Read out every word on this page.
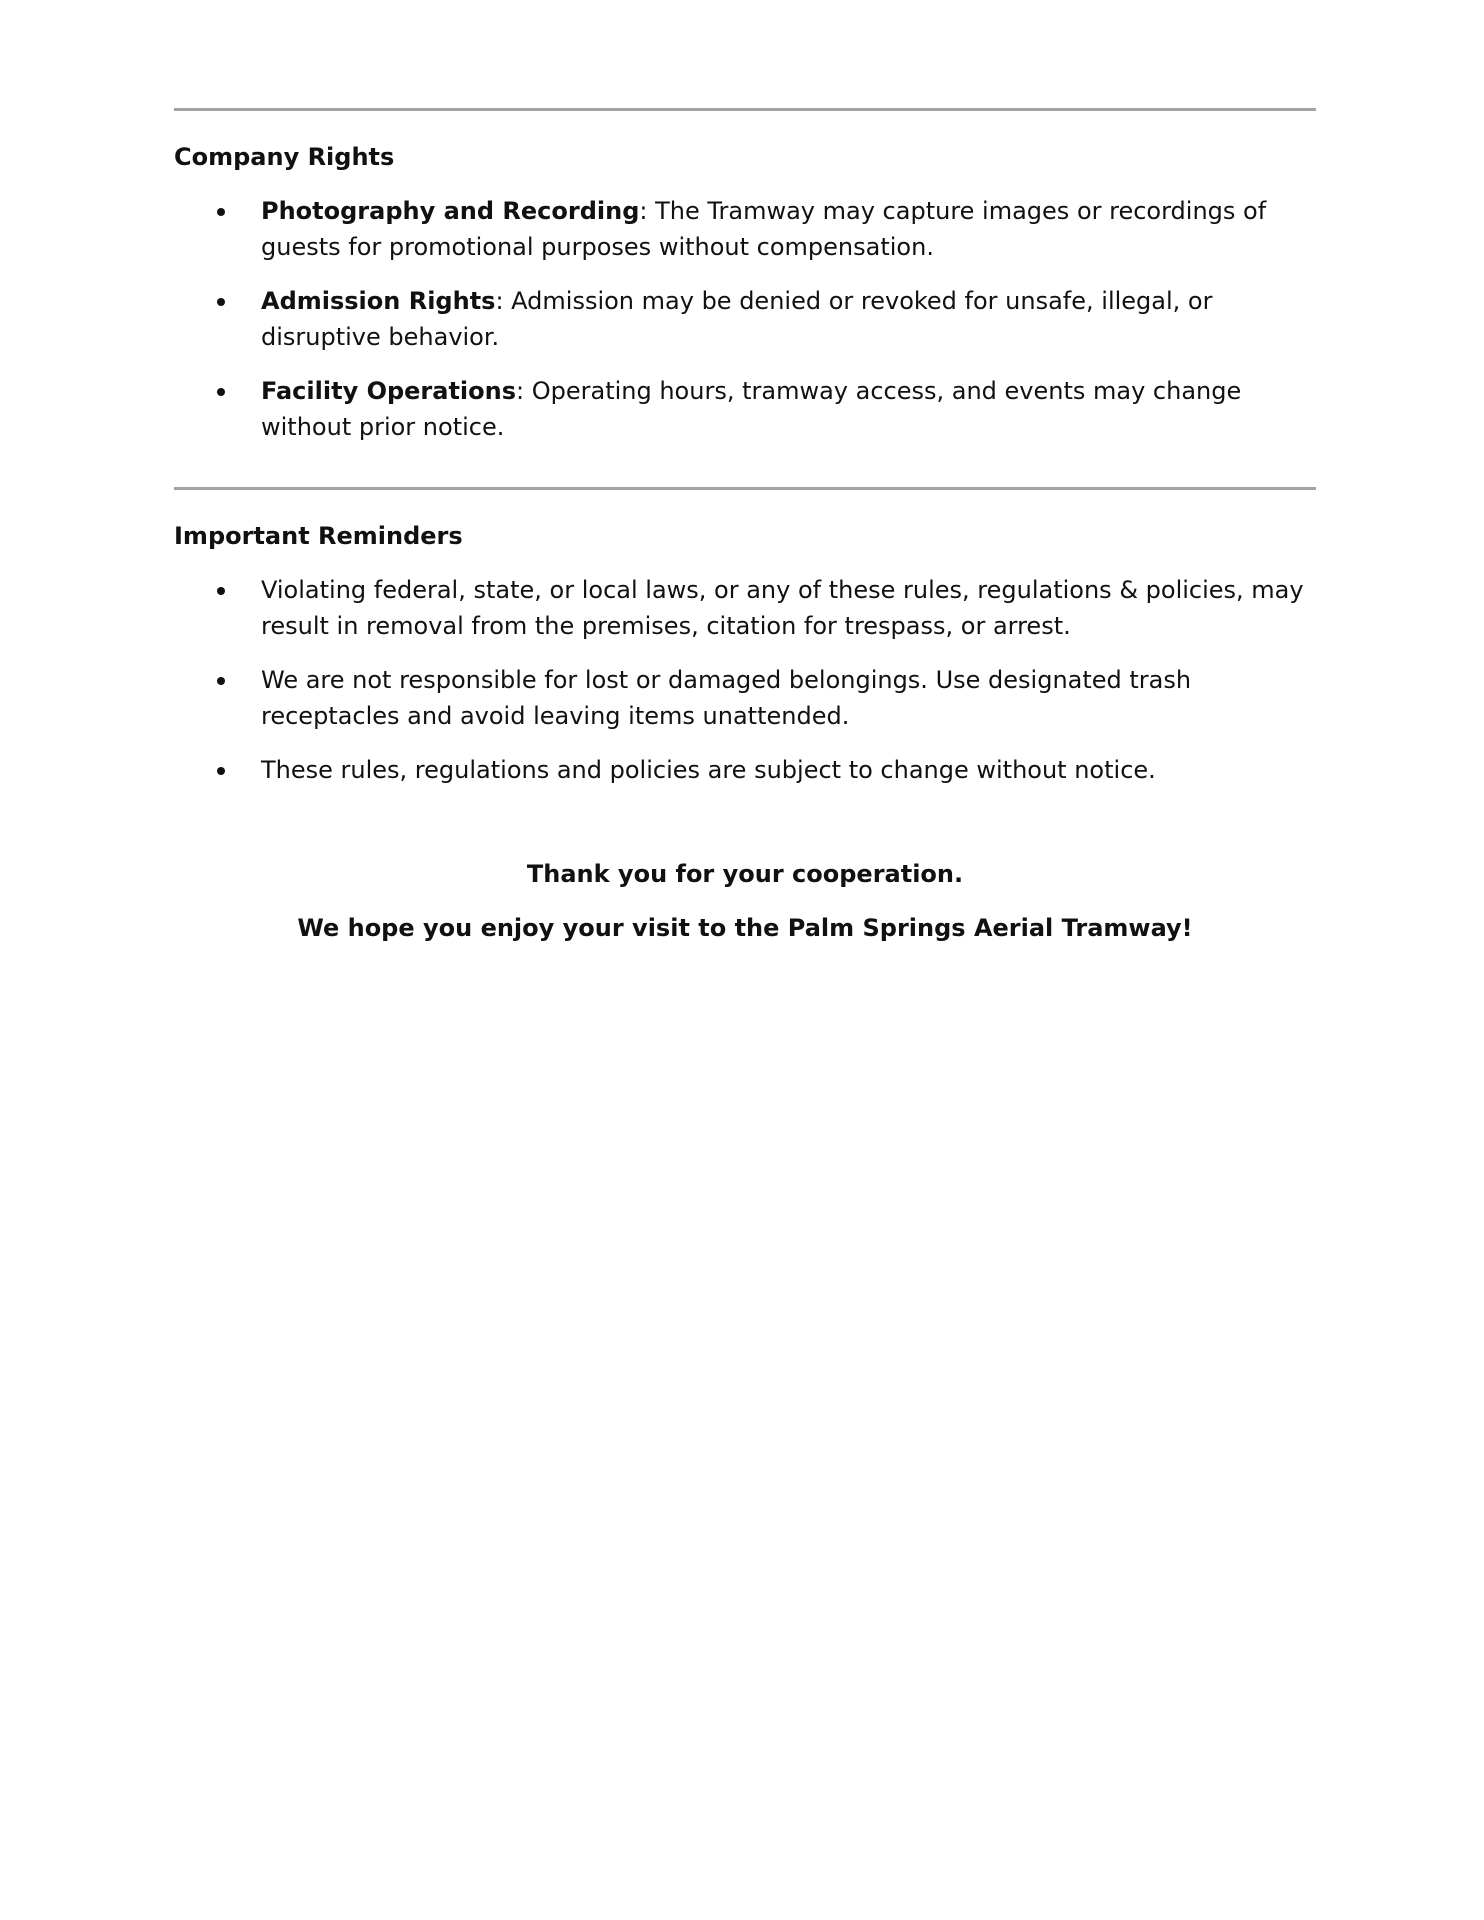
Company Rights
Photography and Recording: The Tramway may capture images or recordings of guests for promotional purposes without compensation.
Admission Rights: Admission may be denied or revoked for unsafe, illegal, or disruptive behavior.
Facility Operations: Operating hours, tramway access, and events may change without prior notice.
Important Reminders
Violating federal, state, or local laws, or any of these rules, regulations & policies, may result in removal from the premises, citation for trespass, or arrest.
We are not responsible for lost or damaged belongings. Use designated trash receptacles and avoid leaving items unattended.
These rules, regulations and policies are subject to change without notice.
Thank you for your cooperation.
We hope you enjoy your visit to the Palm Springs Aerial Tramway!
